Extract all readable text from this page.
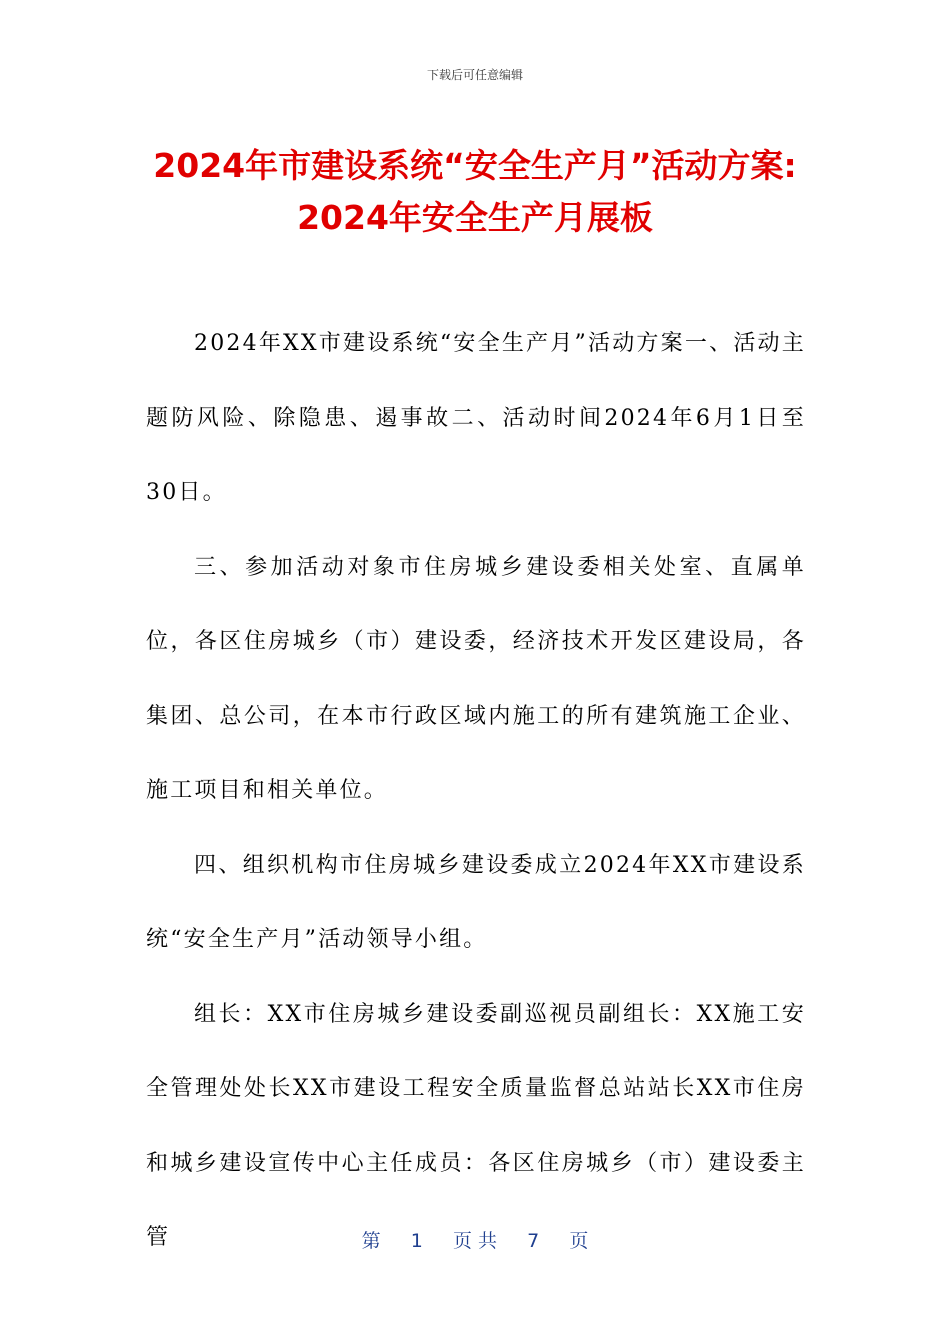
下载后可任意编辑
2024年市建设系统“安全生产月”活动方案:
2024年安全生产月展板

2024年XX市建设系统“安全生产月”活动方案一、活动主题防风险、除隐患、遏事故二、活动时间2024年6月1日至30日。

三、参加活动对象市住房城乡建设委相关处室、直属单位，各区住房城乡（市）建设委，经济技术开发区建设局，各集团、总公司，在本市行政区域内施工的所有建筑施工企业、施工项目和相关单位。

四、组织机构市住房城乡建设委成立2024年XX市建设系统“安全生产月”活动领导小组。

组长：XX市住房城乡建设委副巡视员副组长：XX施工安全管理处处长XX市建设工程安全质量监督总站站长XX市住房和城乡建设宣传中心主任成员：各区住房城乡（市）建设委主管	第 1 页 共 7 页
